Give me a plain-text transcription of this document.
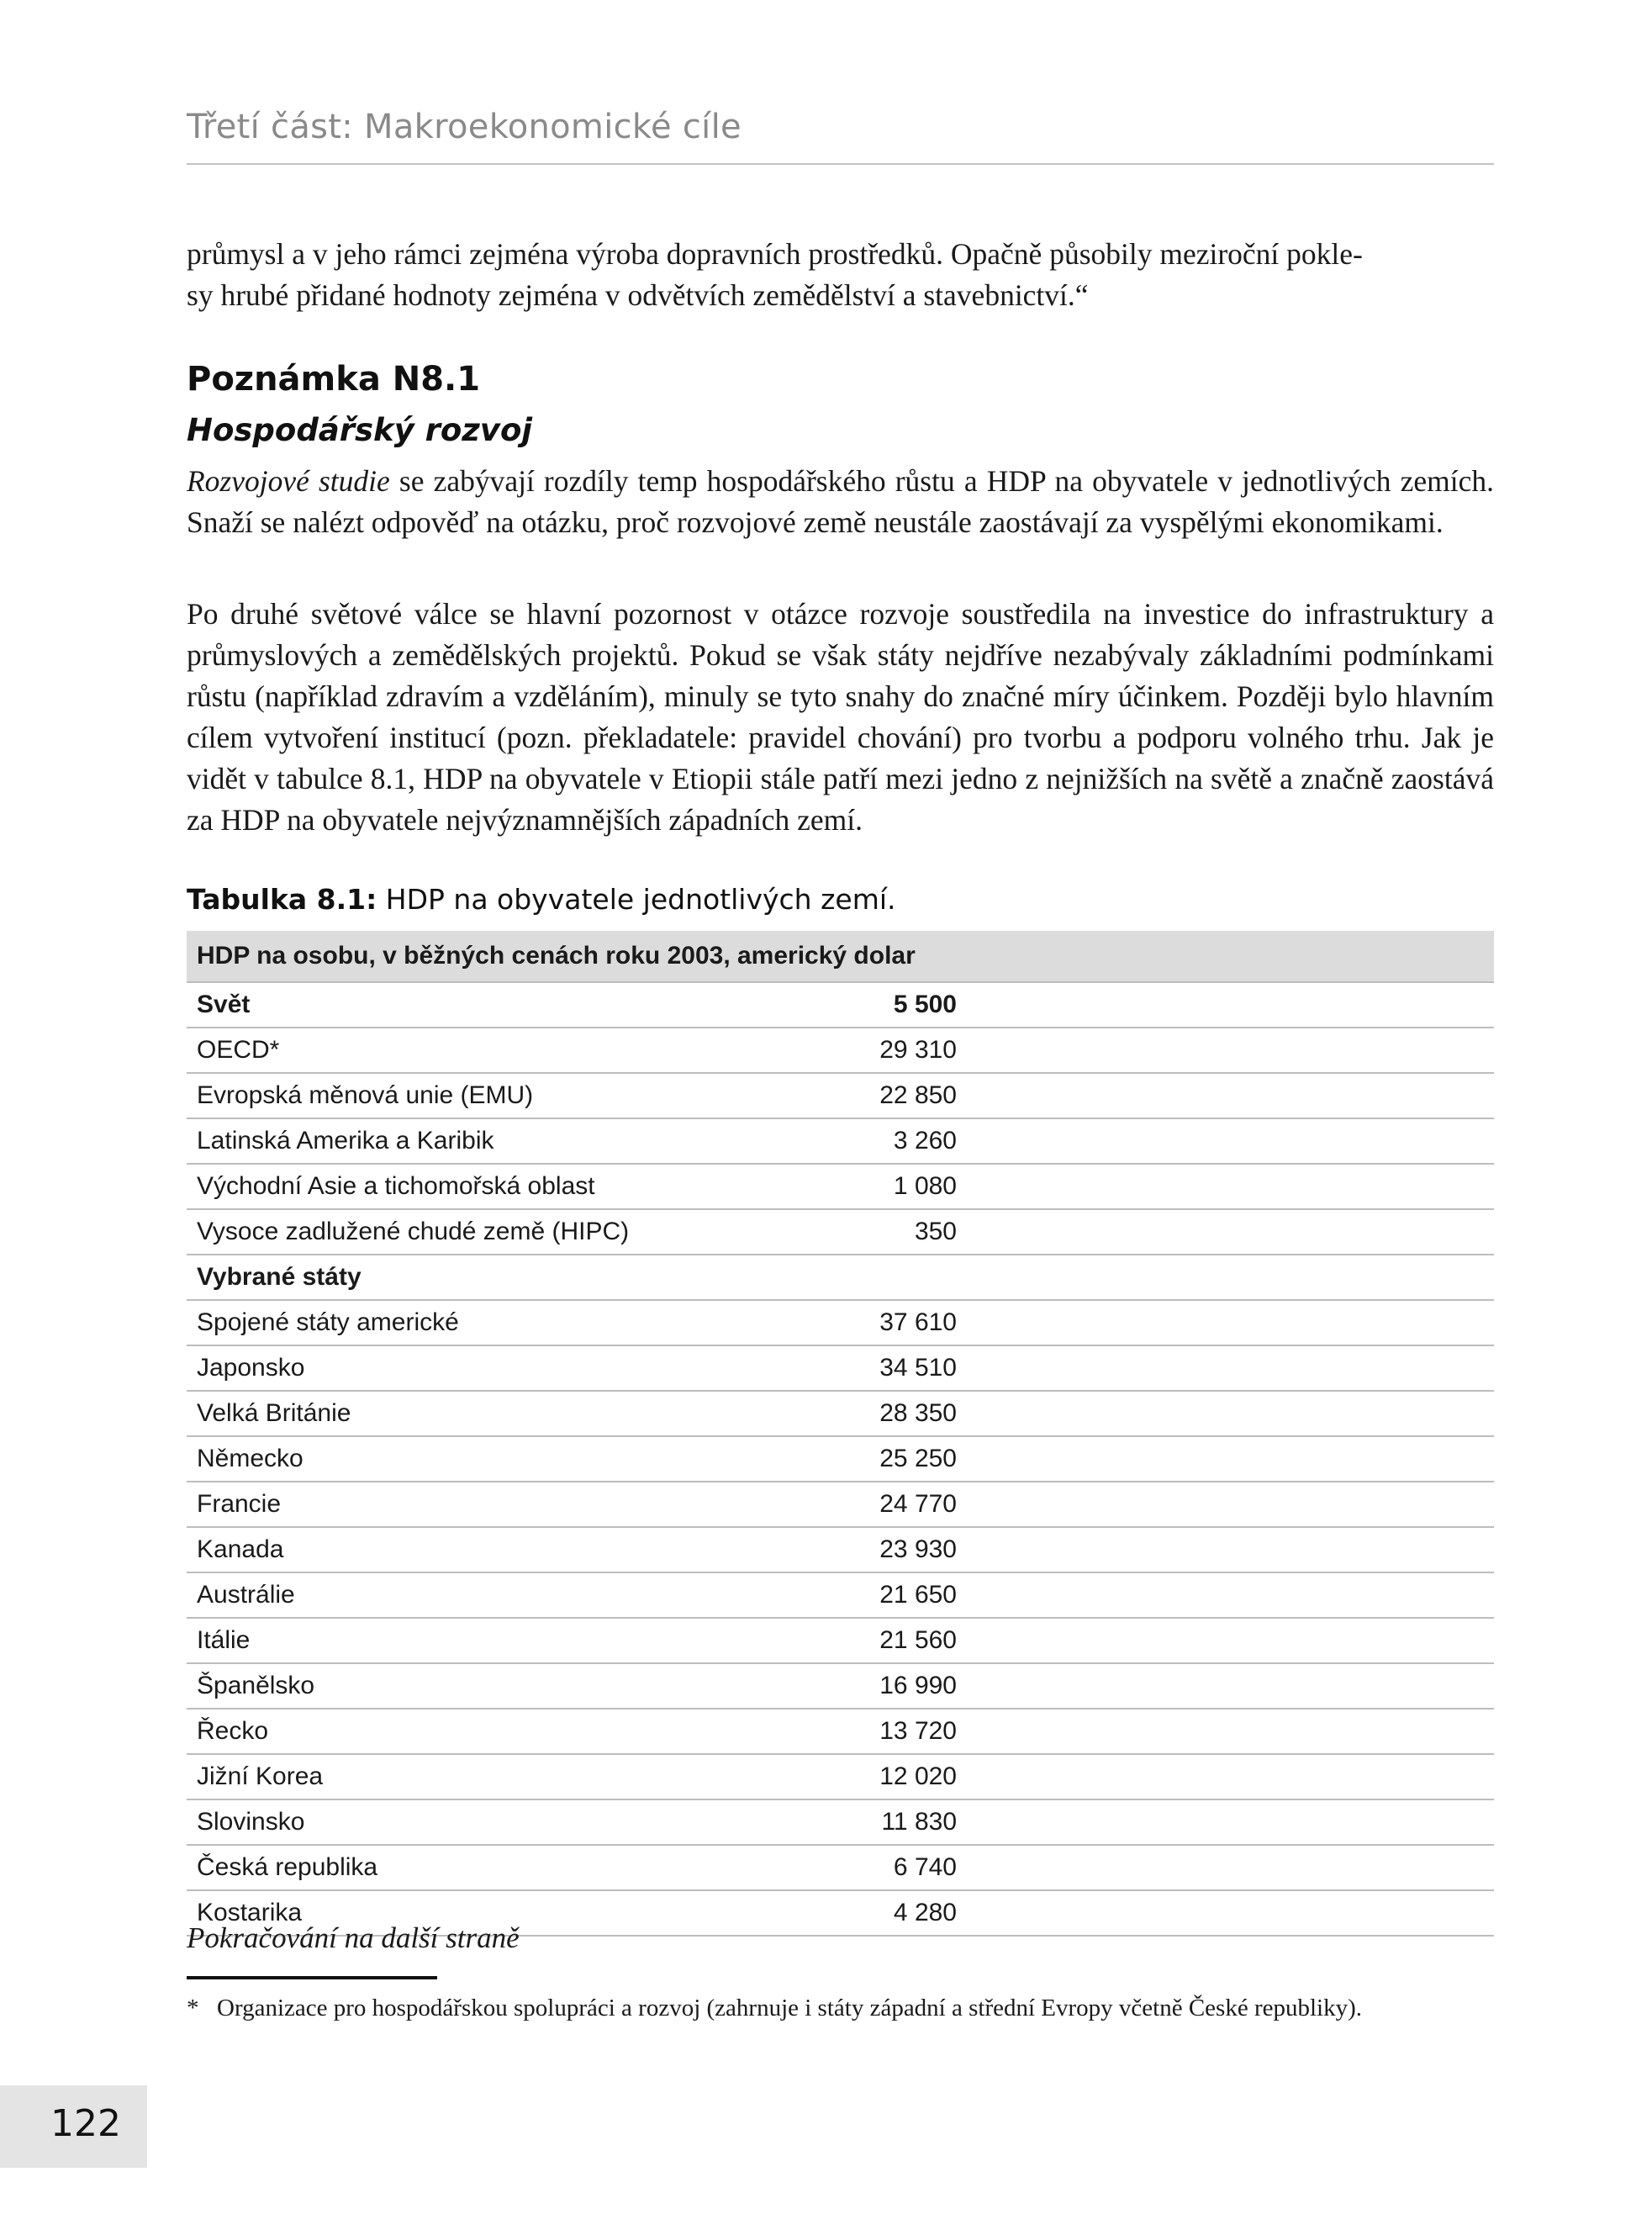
Třetí část: Makroekonomické cíle

průmysl a v jeho rámci zejména výroba dopravních prostředků. Opačně působily meziroční pokle-
sy hrubé přidané hodnoty zejména v odvětvích zemědělství a stavebnictví.“

Poznámka N8.1
Hospodářský rozvoj

Rozvojové studie se zabývají rozdíly temp hospodářského růstu a HDP na obyvatele v jednotlivých zemích. Snaží se nalézt odpověď na otázku, proč rozvojové země neustále zaostávají za vyspělými ekonomikami.

Po druhé světové válce se hlavní pozornost v otázce rozvoje soustředila na investice do infrastruktury a průmyslových a zemědělských projektů. Pokud se však státy nejdříve nezabývaly základními podmínkami růstu (například zdravím a vzděláním), minuly se tyto snahy do značné míry účinkem. Později bylo hlavním cílem vytvoření institucí (pozn. překladatele: pravidel chování) pro tvorbu a podporu volného trhu. Jak je vidět v tabulce 8.1, HDP na obyvatele v Etiopii stále patří mezi jedno z nejnižších na světě a značně zaostává za HDP na obyvatele nejvýznamnějších západních zemí.

Tabulka 8.1: HDP na obyvatele jednotlivých zemí.
HDP na osobu, v běžných cenách roku 2003, americký dolar		
Svět	5 500	
OECD*	29 310	
Evropská měnová unie (EMU)	22 850	
Latinská Amerika a Karibik	3 260	
Východní Asie a tichomořská oblast	1 080	
Vysoce zadlužené chudé země (HIPC)	350	
Vybrané státy		
Spojené státy americké	37 610	
Japonsko	34 510	
Velká Británie	28 350	
Německo	25 250	
Francie	24 770	
Kanada	23 930	
Austrálie	21 650	
Itálie	21 560	
Španělsko	16 990	
Řecko	13 720	
Jižní Korea	12 020	
Slovinsko	11 830	
Česká republika	6 740	
Kostarika	4 280	
Pokračování na další straně
* Organizace pro hospodářskou spolupráci a rozvoj (zahrnuje i státy západní a střední Evropy včetně České republiky).
122
